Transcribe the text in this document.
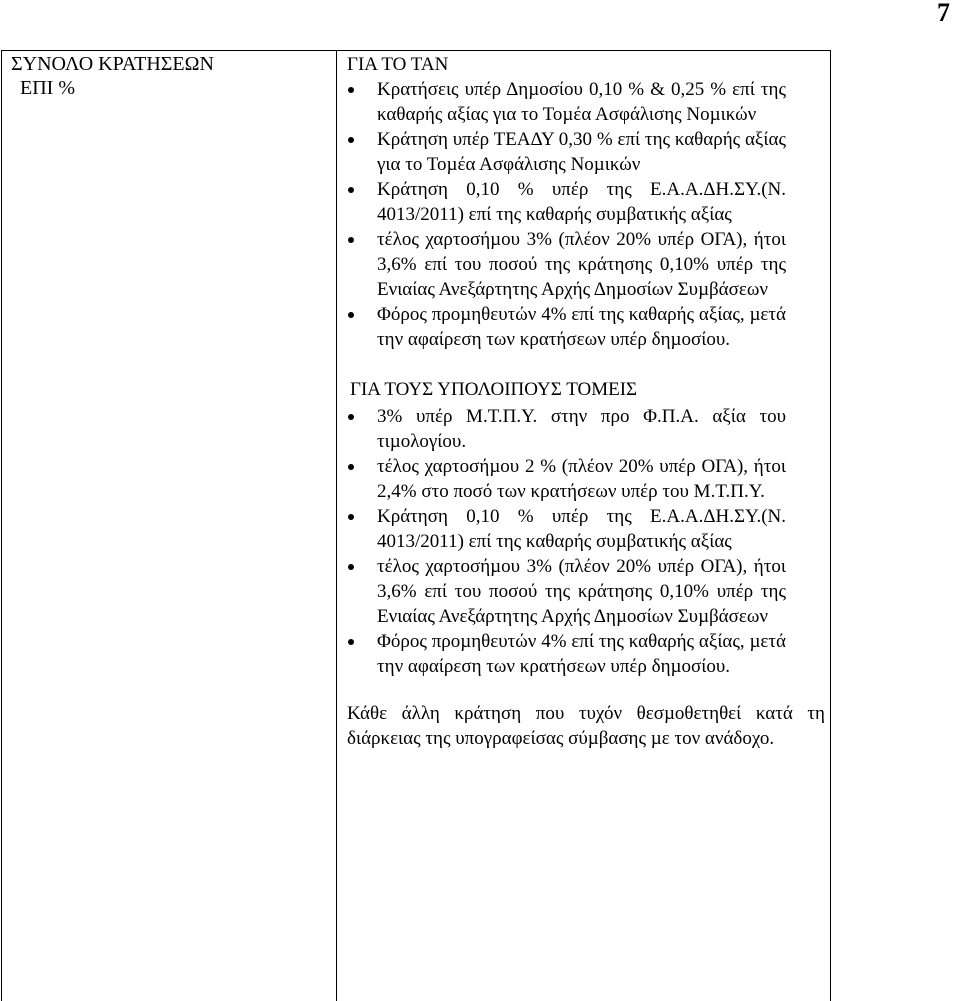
7
ΣΥΝΟΛΟ ΚΡΑΤΗΣΕΩΝ
ΕΠΙ %

ΓΙΑ ΤΟ ΤΑΝ

Κρατήσεις υπέρ Δηµοσίου 0,10 % & 0,25 % επί της καθαρής αξίας για το Τοµέα Ασφάλισης Νοµικών
Κράτηση υπέρ ΤΕΑΔΥ 0,30 % επί της καθαρής αξίας για το Τοµέα Ασφάλισης Νοµικών
Κράτηση 0,10 % υπέρ της Ε.Α.Α.ΔΗ.ΣΥ.(Ν. 4013/2011) επί της καθαρής συµβατικής αξίας
τέλος χαρτοσήµου 3% (πλέον 20% υπέρ ΟΓΑ), ήτοι 3,6% επί του ποσού της κράτησης 0,10% υπέρ της Ενιαίας Ανεξάρτητης Αρχής Δηµοσίων Συµβάσεων
Φόρος προµηθευτών 4% επί της καθαρής αξίας, µετά την αφαίρεση των κρατήσεων υπέρ δηµοσίου.

ΓΙΑ ΤΟΥΣ ΥΠΟΛΟΙΠΟΥΣ ΤΟΜΕΙΣ

3% υπέρ Μ.Τ.Π.Υ. στην προ Φ.Π.Α. αξία του τιµολογίου.
τέλος χαρτοσήµου 2 % (πλέον 20% υπέρ ΟΓΑ), ήτοι 2,4% στο ποσό των κρατήσεων υπέρ του Μ.Τ.Π.Υ.
Κράτηση 0,10 % υπέρ της Ε.Α.Α.ΔΗ.ΣΥ.(Ν. 4013/2011) επί της καθαρής συµβατικής αξίας
τέλος χαρτοσήµου 3% (πλέον 20% υπέρ ΟΓΑ), ήτοι 3,6% επί του ποσού της κράτησης 0,10% υπέρ της Ενιαίας Ανεξάρτητης Αρχής Δηµοσίων Συµβάσεων
Φόρος προµηθευτών 4% επί της καθαρής αξίας, µετά την αφαίρεση των κρατήσεων υπέρ δηµοσίου.
Κάθε άλλη κράτηση που τυχόν θεσµοθετηθεί κατά τη διάρκειας της υπογραφείσας σύµβασης µε τον ανάδοχο.
